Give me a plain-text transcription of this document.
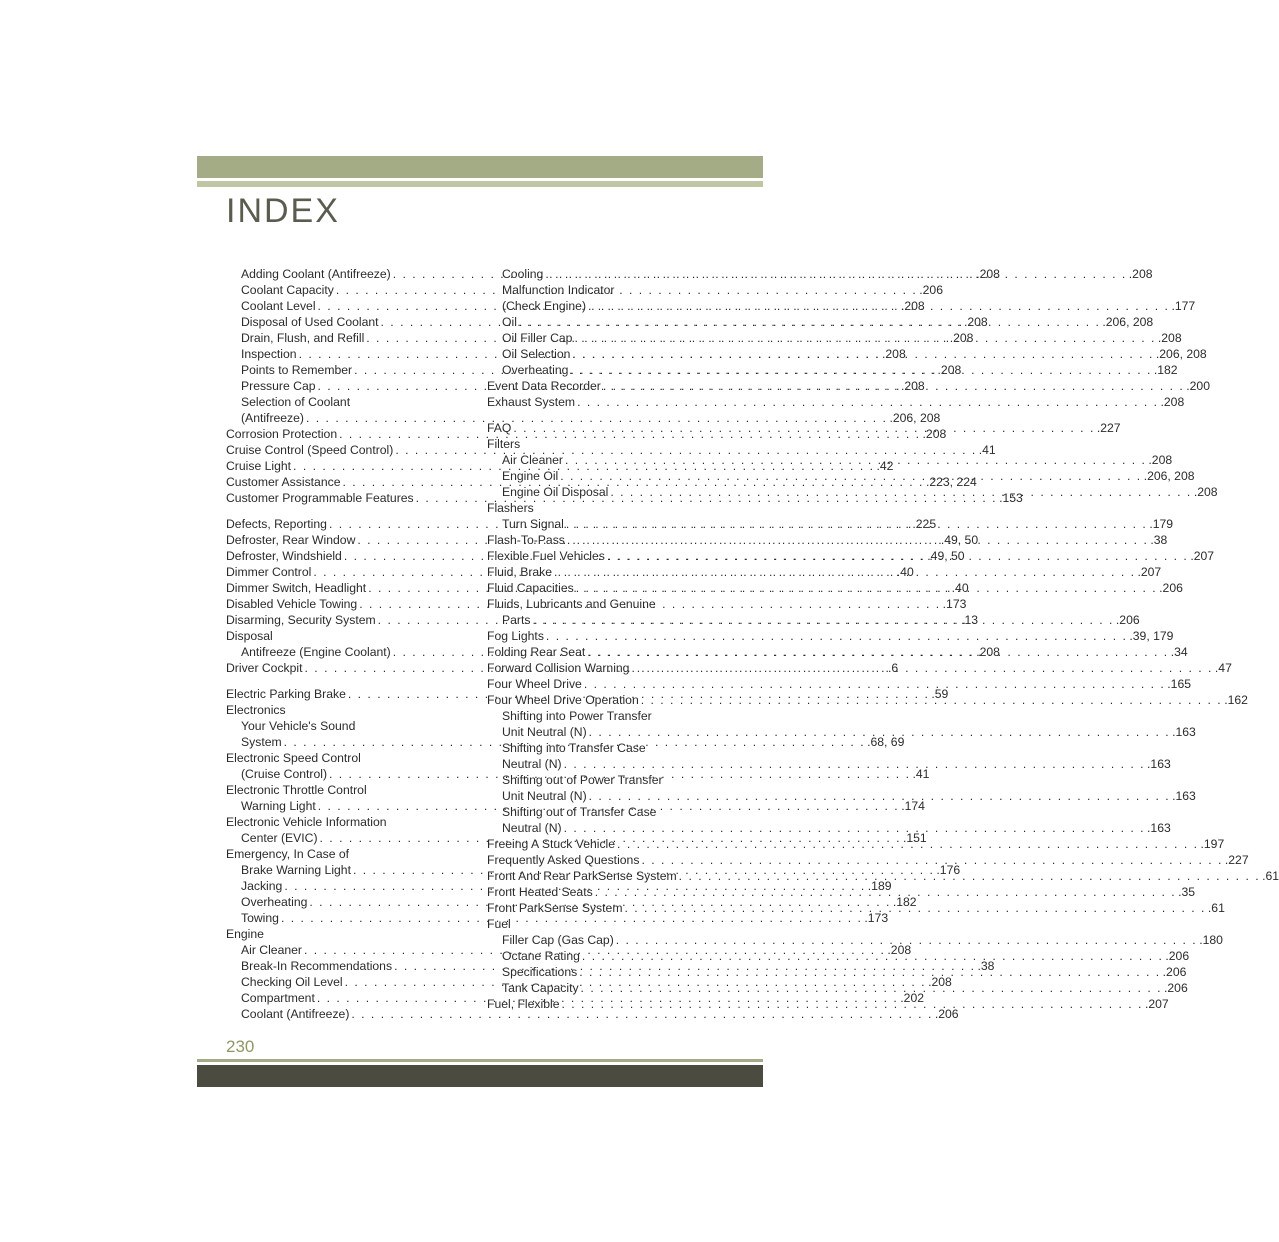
INDEX
Adding Coolant (Antifreeze) . . .	.208
Coolant Capacity . . .	.206
Coolant Level . . .	.208
Disposal of Used Coolant . . .	.208
Drain, Flush, and Refill . . .	.208
Inspection . . .	.208
Points to Remember . . .	.208
Pressure Cap . . .	.208
Selection of Coolant
(Antifreeze) . . .	.206, 208
Corrosion Protection . . .	.208
Cruise Control (Speed Control) . . .	.41
Cruise Light . . .	.42
Customer Assistance . . .	.223, 224
Customer Programmable Features . . .	.153
Defects, Reporting . . .	.225
Defroster, Rear Window . . .	.49, 50
Defroster, Windshield . . .	.49, 50
Dimmer Control . . .	.40
Dimmer Switch, Headlight . . .	.40
Disabled Vehicle Towing . . .	.173
Disarming, Security System . . .	.13
Disposal
Antifreeze (Engine Coolant) . . .	.208
Driver Cockpit . . .	.6
Electric Parking Brake . . .	.59
Electronics
Your Vehicle's Sound
System . . .	.68, 69
Electronic Speed Control
(Cruise Control) . . .	.41
Electronic Throttle Control
Warning Light . . .	.174
Electronic Vehicle Information
Center (EVIC) . . .	.151
Emergency, In Case of
Brake Warning Light . . .	.176
Jacking . . .	.189
Overheating . . .	.182
Towing . . .	.173
Engine
Air Cleaner . . .	.208
Break-In Recommendations . . .	.38
Checking Oil Level . . .	.208
Compartment . . .	.202
Coolant (Antifreeze) . . .	.206
Cooling . . .	.208
Malfunction Indicator
(Check Engine) . . .	.177
Oil . . .	.206, 208
Oil Filler Cap . . .	.208
Oil Selection . . .	.206, 208
Overheating . . .	.182
Event Data Recorder . . .	.200
Exhaust System . . .	.208
FAQ . . .	.227
Filters
Air Cleaner . . .	.208
Engine Oil . . .	.206, 208
Engine Oil Disposal . . .	.208
Flashers
Turn Signal . . .	.179
Flash-To-Pass . . .	.38
Flexible Fuel Vehicles . . .	.207
Fluid, Brake . . .	.207
Fluid Capacities . . .	.206
Fluids, Lubricants and Genuine
Parts . . .	.206
Fog Lights . . .	.39, 179
Folding Rear Seat . . .	.34
Forward Collision Warning . . .	.47
Four Wheel Drive . . .	.165
Four Wheel Drive Operation . . .	.162
Shifting into Power Transfer
Unit Neutral (N) . . .	.163
Shifting into Transfer Case
Neutral (N) . . .	.163
Shifting out of Power Transfer
Unit Neutral (N) . . .	.163
Shifting out of Transfer Case
Neutral (N) . . .	.163
Freeing A Stuck Vehicle . . .	.197
Frequently Asked Questions . . .	.227
Front And Rear ParkSense System . . .	.61
Front Heated Seats . . .	.35
Front ParkSense System . . .	.61
Fuel
Filler Cap (Gas Cap) . . .	.180
Octane Rating . . .	.206
Specifications . . .	.206
Tank Capacity . . .	.206
Fuel, Flexible . . .	.207

230
